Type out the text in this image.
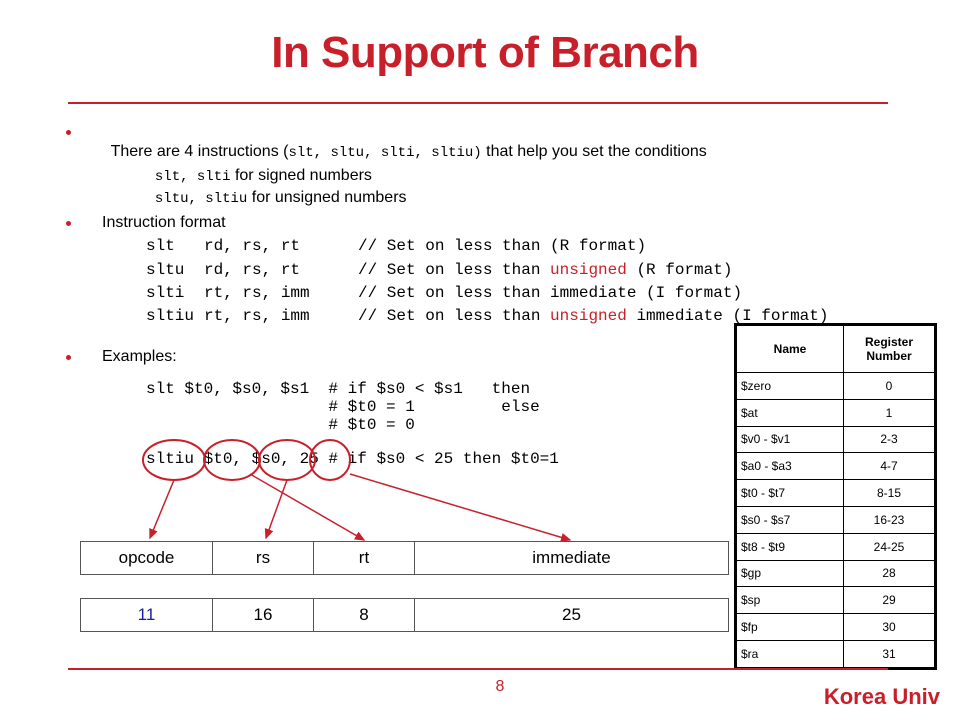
In Support of Branch

There are 4 instructions (slt, sltu, slti, sltiu) that help you set the conditions

slt, slti for signed numbers

sltu, sltiu for unsigned numbers

Instruction format
slt rd, rs, rt  // Set on less than (R format)
sltu rd, rs, rt  // Set on less than unsigned (R format)
slti rt, rs, imm // Set on less than immediate (I format)
sltiu rt, rs, imm // Set on less than unsigned immediate (I format)
Examples:
slt $t0, $s0, $s1  # if $s0 < $s1   then
# $t0 = 1         else
# $t0 = 0
sltiu $t0, $s0, 25 # if $s0 < 25 then $t0=1
opcode	rs	rt	immediate
11	16	8	25
Name	Register Number
$zero	0
$at	1
$v0 - $v1	2-3
$a0 - $a3	4-7
$t0 - $t7	8-15
$s0 - $s7	16-23
$t8 - $t9	24-25
$gp	28
$sp	29
$fp	30
$ra	31
8	Korea Univ
